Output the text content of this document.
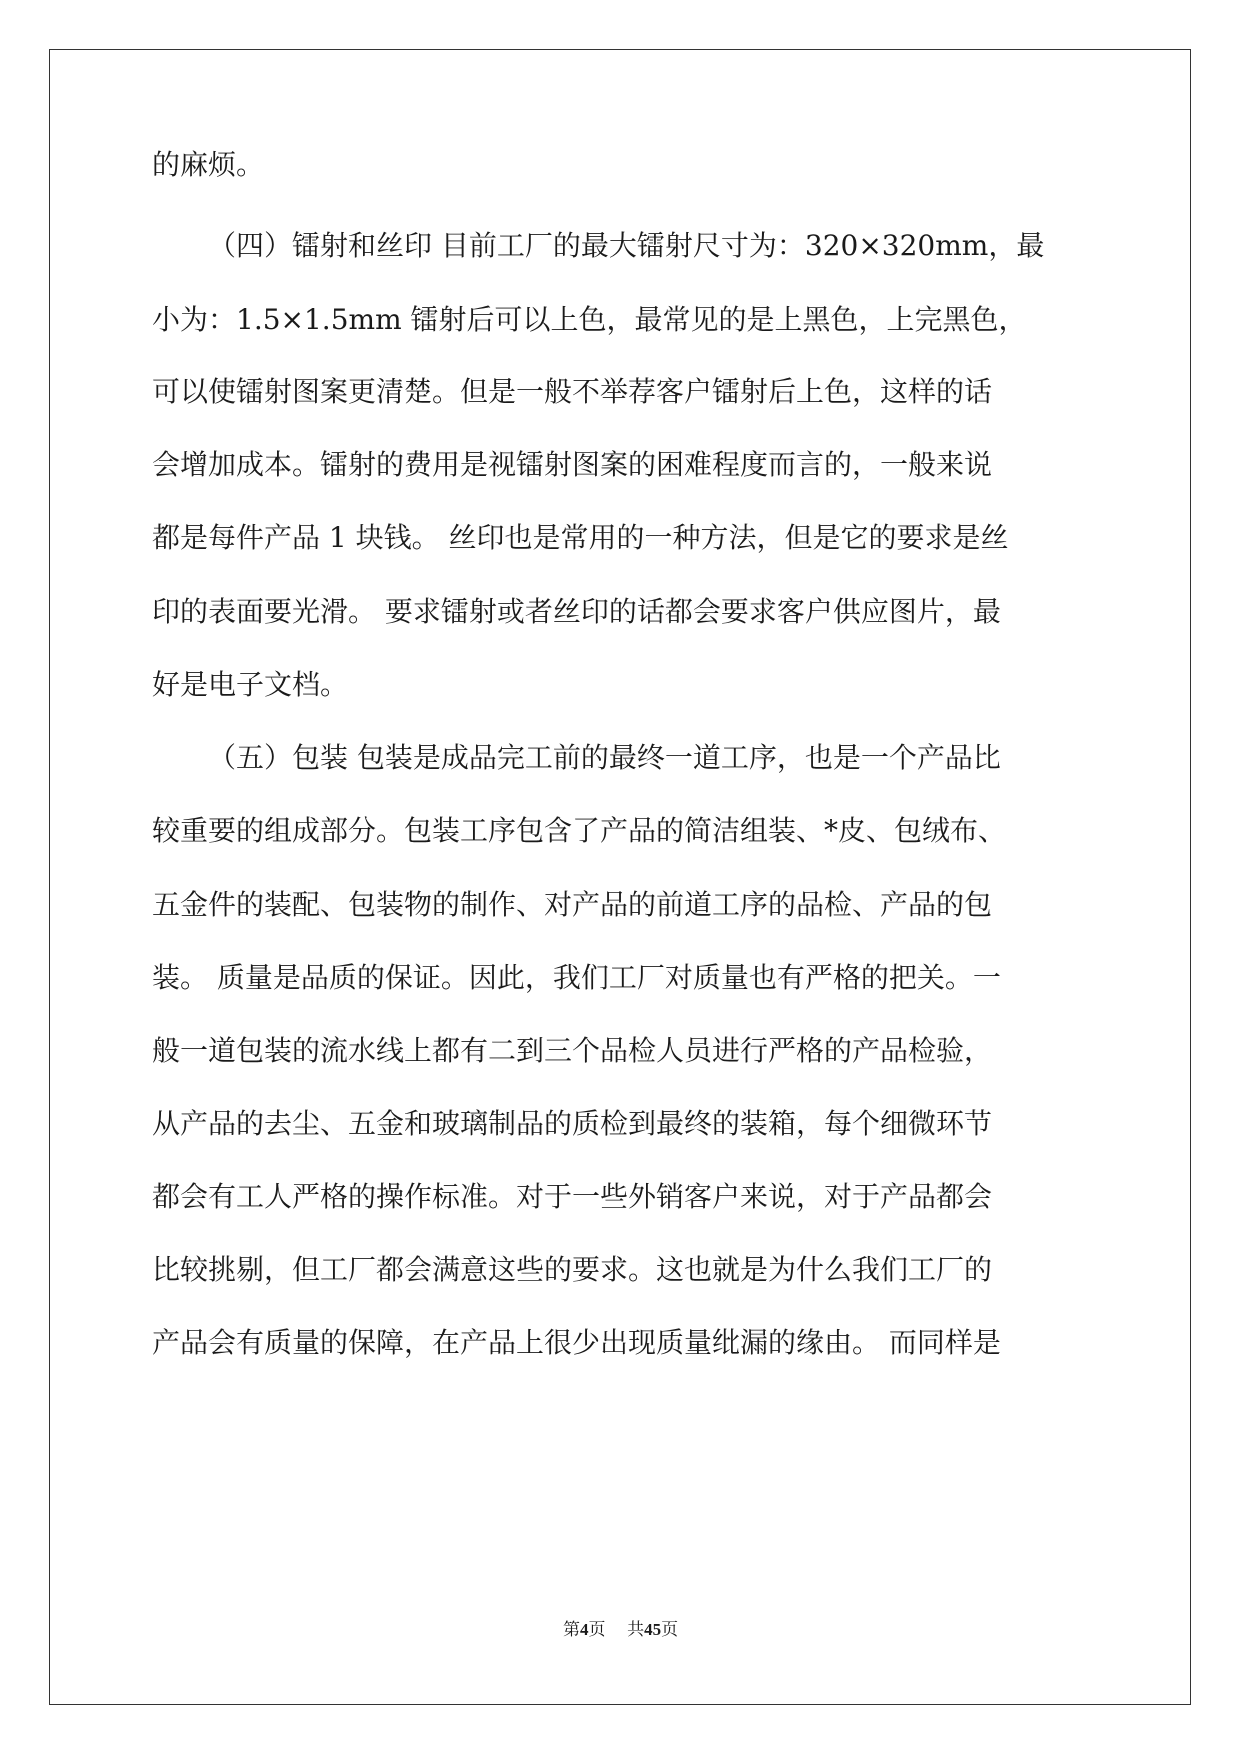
的麻烦。
（四）镭射和丝印 目前工厂的最大镭射尺寸为：320×320mm，最
小为：1.5×1.5mm 镭射后可以上色，最常见的是上黑色，上完黑色，
可以使镭射图案更清楚。但是一般不举荐客户镭射后上色，这样的话
会增加成本。镭射的费用是视镭射图案的困难程度而言的，一般来说
都是每件产品 1 块钱。 丝印也是常用的一种方法，但是它的要求是丝
印的表面要光滑。 要求镭射或者丝印的话都会要求客户供应图片，最
好是电子文档。
（五）包装 包装是成品完工前的最终一道工序，也是一个产品比
较重要的组成部分。包装工序包含了产品的简洁组装、*皮、包绒布、
五金件的装配、包装物的制作、对产品的前道工序的品检、产品的包
装。 质量是品质的保证。因此，我们工厂对质量也有严格的把关。一
般一道包装的流水线上都有二到三个品检人员进行严格的产品检验，
从产品的去尘、五金和玻璃制品的质检到最终的装箱，每个细微环节
都会有工人严格的操作标准。对于一些外销客户来说，对于产品都会
比较挑剔，但工厂都会满意这些的要求。这也就是为什么我们工厂的
产品会有质量的保障，在产品上很少出现质量纰漏的缘由。 而同样是
第4页 共45页
